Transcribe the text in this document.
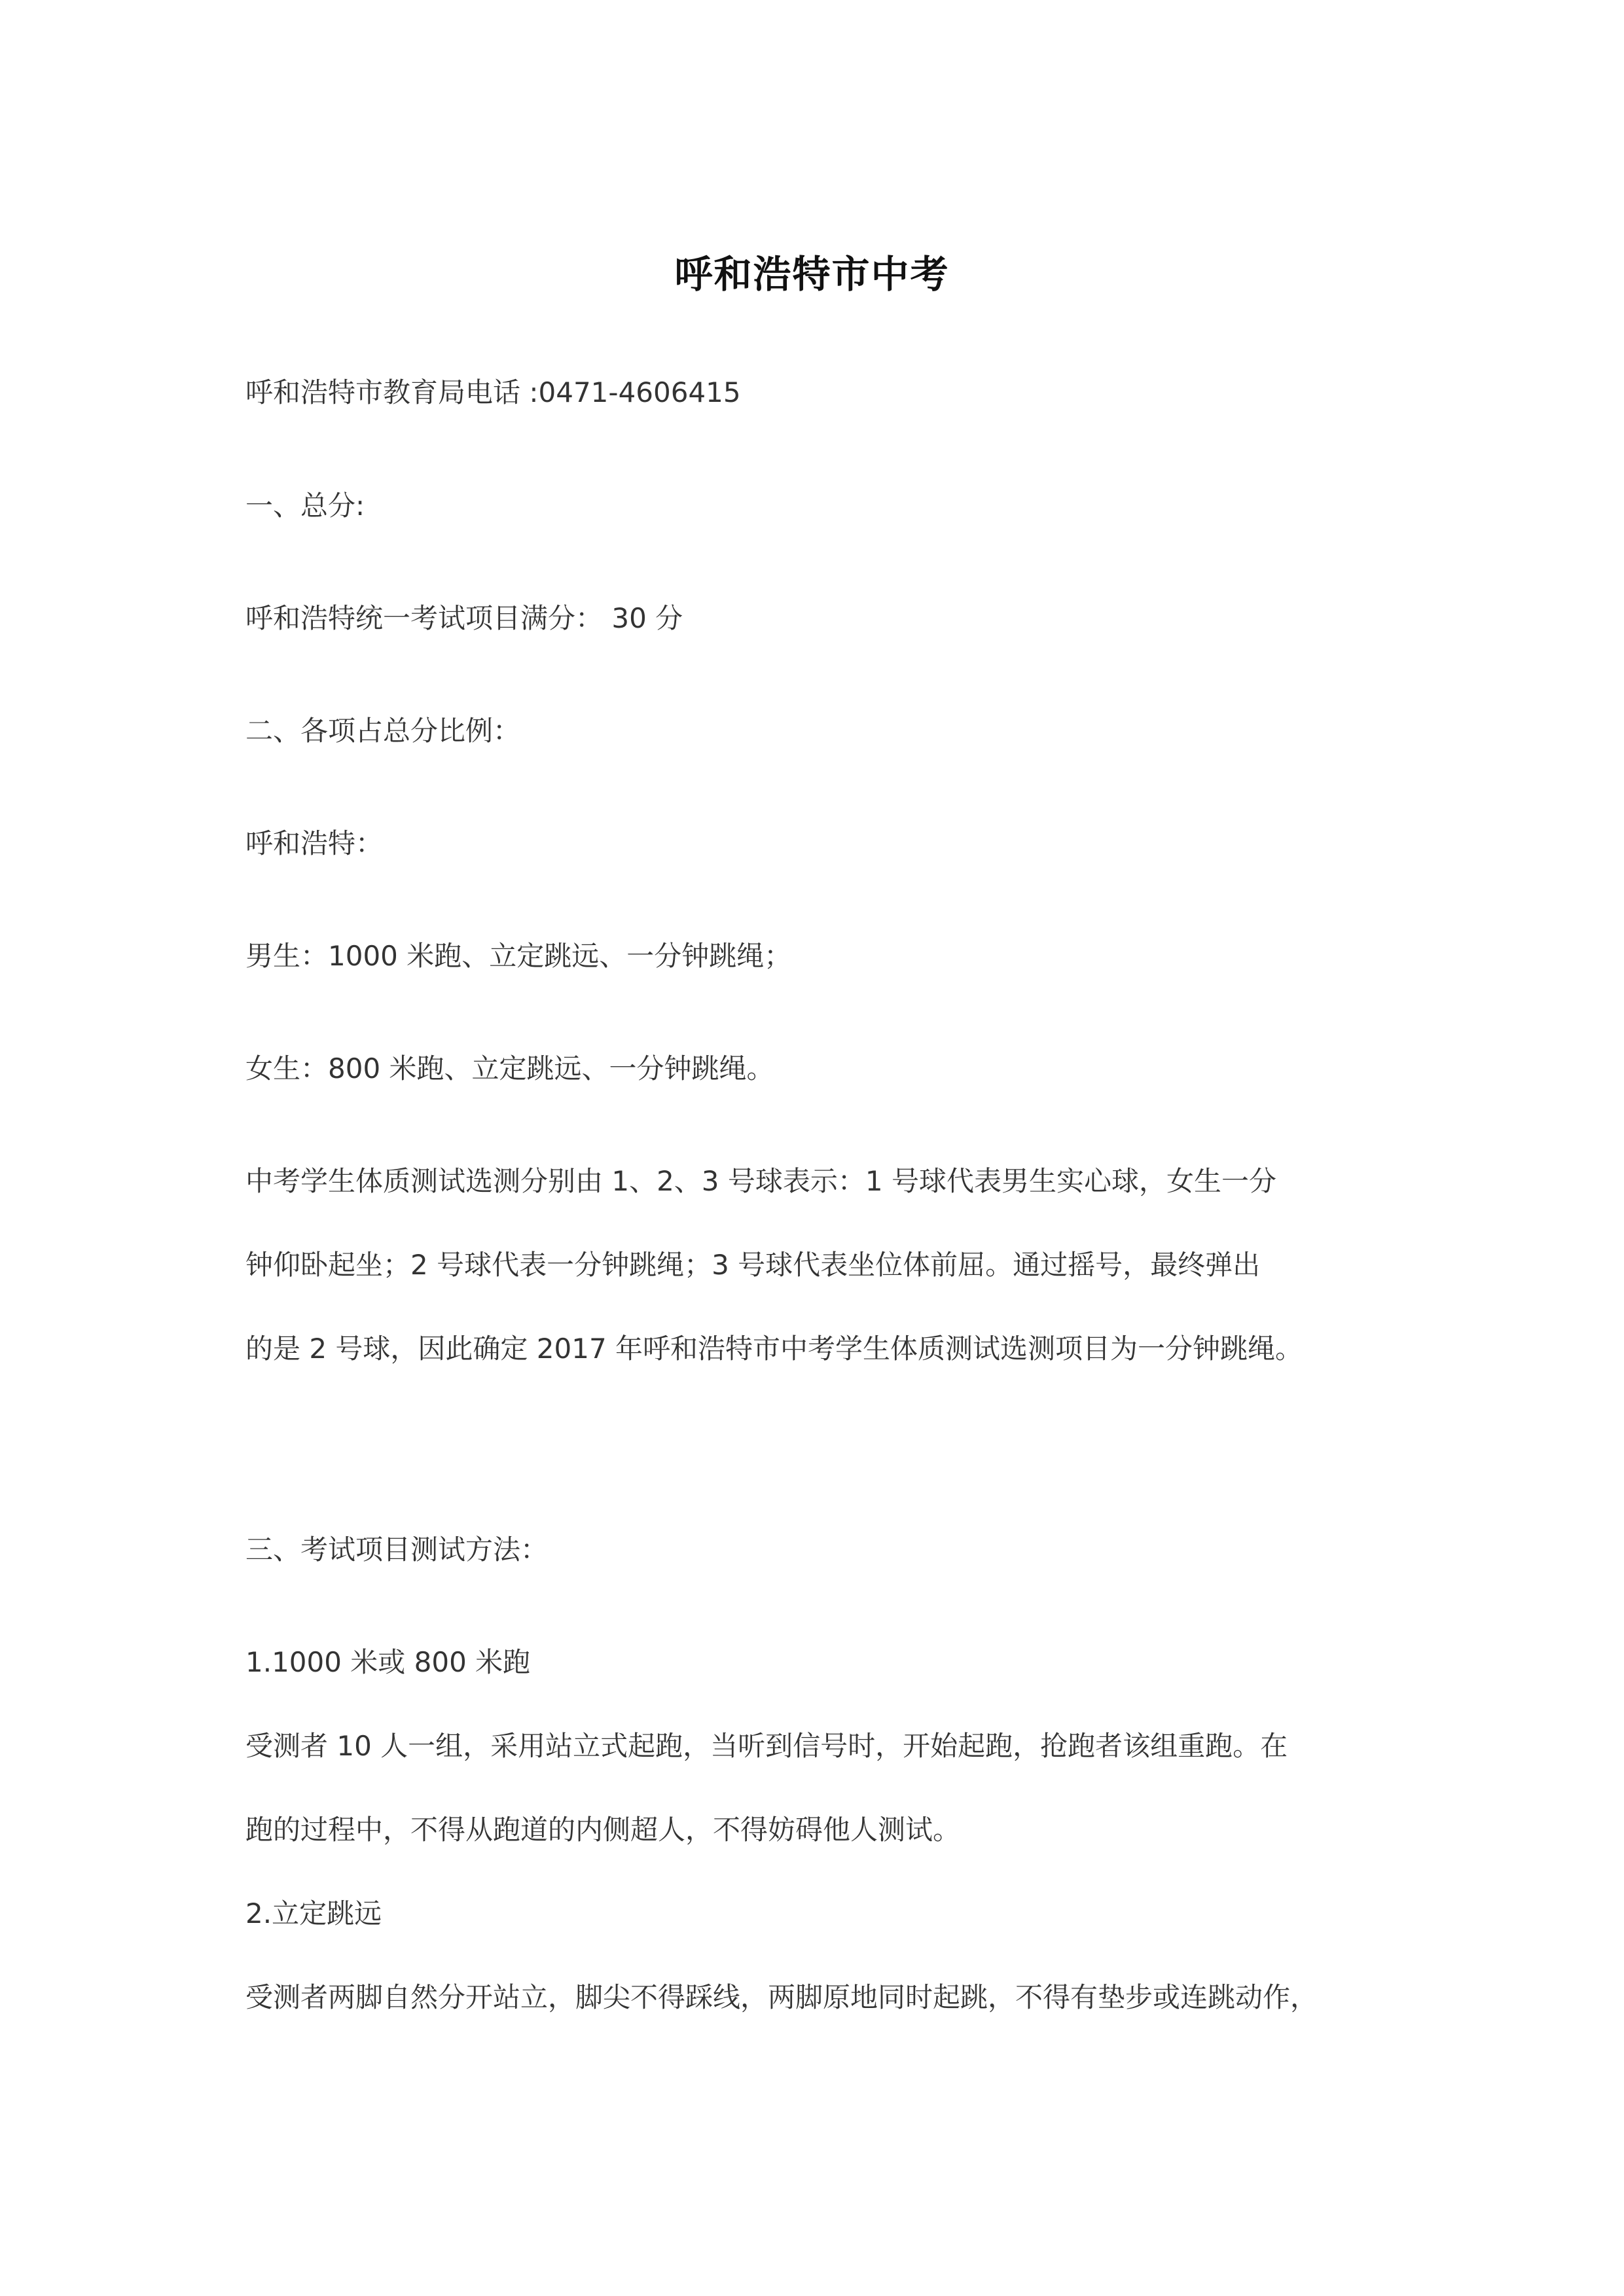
呼和浩特市中考
呼和浩特市教育局电话 :0471-4606415
一、总分:
呼和浩特统一考试项目满分： 30 分
二、各项占总分比例：
呼和浩特：
男生：1000 米跑、立定跳远、一分钟跳绳；
女生：800 米跑、立定跳远、一分钟跳绳。
中考学生体质测试选测分别由 1、2、3 号球表示：1 号球代表男生实心球，女生一分
钟仰卧起坐；2 号球代表一分钟跳绳；3 号球代表坐位体前屈。通过摇号，最终弹出
的是 2 号球，因此确定 2017 年呼和浩特市中考学生体质测试选测项目为一分钟跳绳。
三、考试项目测试方法：
1.1000 米或 800 米跑
受测者 10 人一组，采用站立式起跑，当听到信号时，开始起跑，抢跑者该组重跑。在
跑的过程中，不得从跑道的内侧超人，不得妨碍他人测试。
2.立定跳远
受测者两脚自然分开站立，脚尖不得踩线，两脚原地同时起跳，不得有垫步或连跳动作，
